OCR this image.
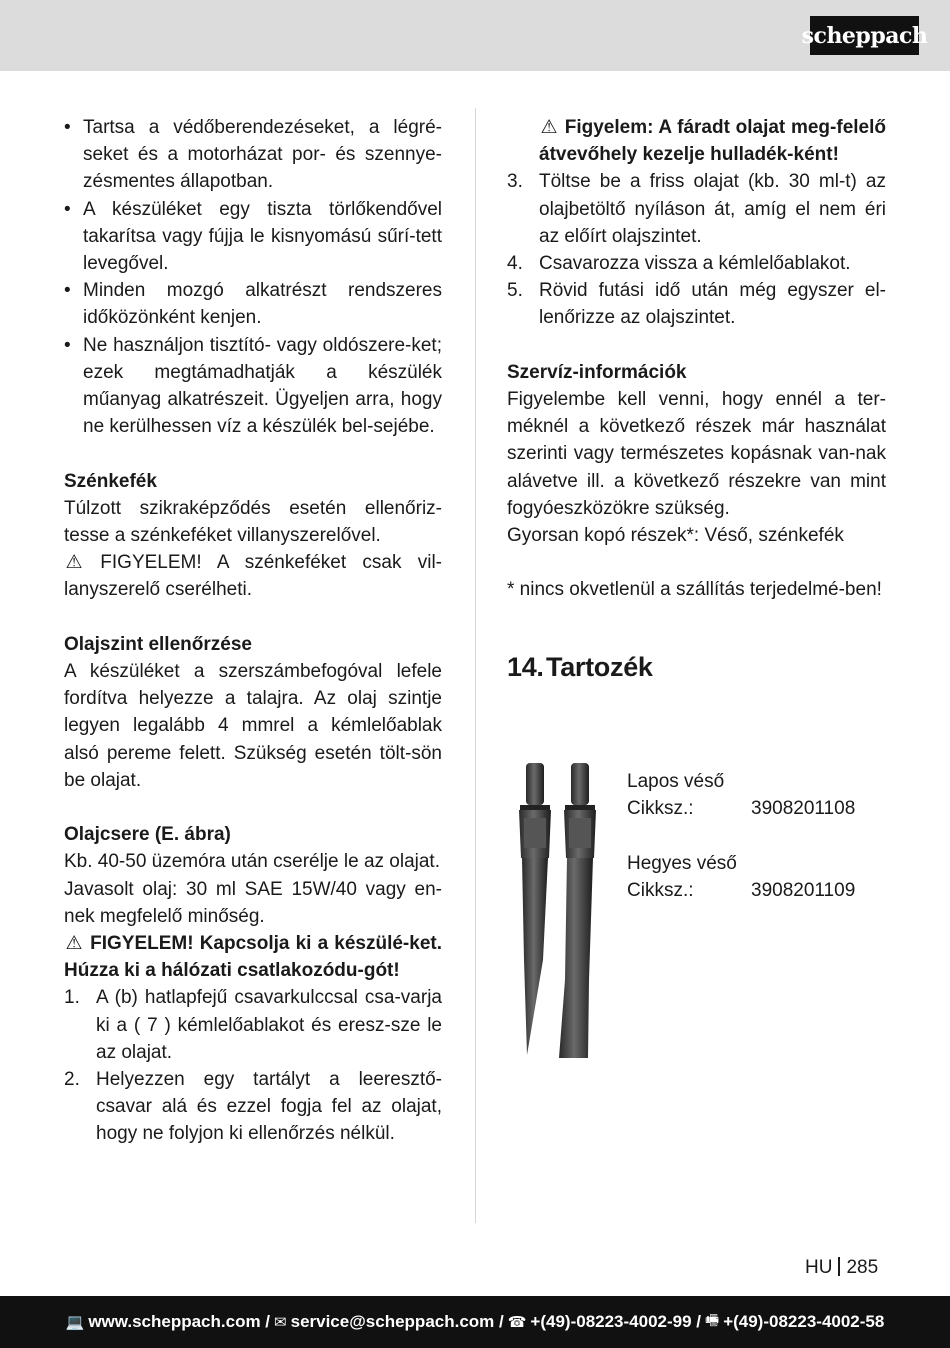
scheppach
• Tartsa a védőberendezéseket, a légré-seket és a motorházat por- és szennye-zésmentes állapotban.
• A készüléket egy tiszta törlőkendővel takarítsa vagy fújja le kisnyomású sűrí-tett levegővel.
• Minden mozgó alkatrészt rendszeres időközönként kenjen.
• Ne használjon tisztító- vagy oldószere-ket; ezek megtámadhatják a készülék műanyag alkatrészeit. Ügyeljen arra, hogy ne kerülhessen víz a készülék bel-sejébe.

Szénkefék

Túlzott szikraképződés esetén ellenőriz-tesse a szénkeféket villanyszerelővel.

⚠ FIGYELEM! A szénkeféket csak vil-lanyszerelő cserélheti.

Olajszint ellenőrzése

A készüléket a szerszámbefogóval lefele fordítva helyezze a talajra. Az olaj szintje legyen legalább 4 mmrel a kémlelőablak alsó pereme felett. Szükség esetén tölt-sön be olajat.

Olajcsere (E. ábra)

Kb. 40-50 üzemóra után cserélje le az olajat.

Javasolt olaj: 30 ml SAE 15W/40 vagy en-nek megfelelő minőség.

⚠ FIGYELEM! Kapcsolja ki a készülé-ket. Húzza ki a hálózati csatlakozódu-gót!

1. A (b) hatlapfejű csavarkulccsal csa-varja ki a ( 7 ) kémlelőablakot és eresz-sze le az olajat.
2. Helyezzen egy tartályt a leeresztő-csavar alá és ezzel fogja fel az olajat, hogy ne folyjon ki ellenőrzés nélkül.

⚠ Figyelem: A fáradt olajat meg-felelő átvevőhely kezelje hulladék-ként!

3. Töltse be a friss olajat (kb. 30 ml-t) az olajbetöltő nyíláson át, amíg el nem éri az előírt olajszintet.
4. Csavarozza vissza a kémlelőablakot.
5. Rövid futási idő után még egyszer el-lenőrizze az olajszintet.

Szervíz-információk

Figyelembe kell venni, hogy ennél a ter-méknél a következő részek már használat szerinti vagy természetes kopásnak van-nak alávetve ill. a következő részekre van mint fogyóeszközökre szükség.

Gyorsan kopó részek*: Véső, szénkefék

* nincs okvetlenül a szállítás terjedelmé-ben!

14.Tartozék
Lapos véső
Cikksz.:	3908201108
Hegyes véső
Cikksz.:	3908201109
HU 285
💻 www.scheppach.com / ✉ service@scheppach.com / ☎ +(49)-08223-4002-99 / 🖷 +(49)-08223-4002-58
